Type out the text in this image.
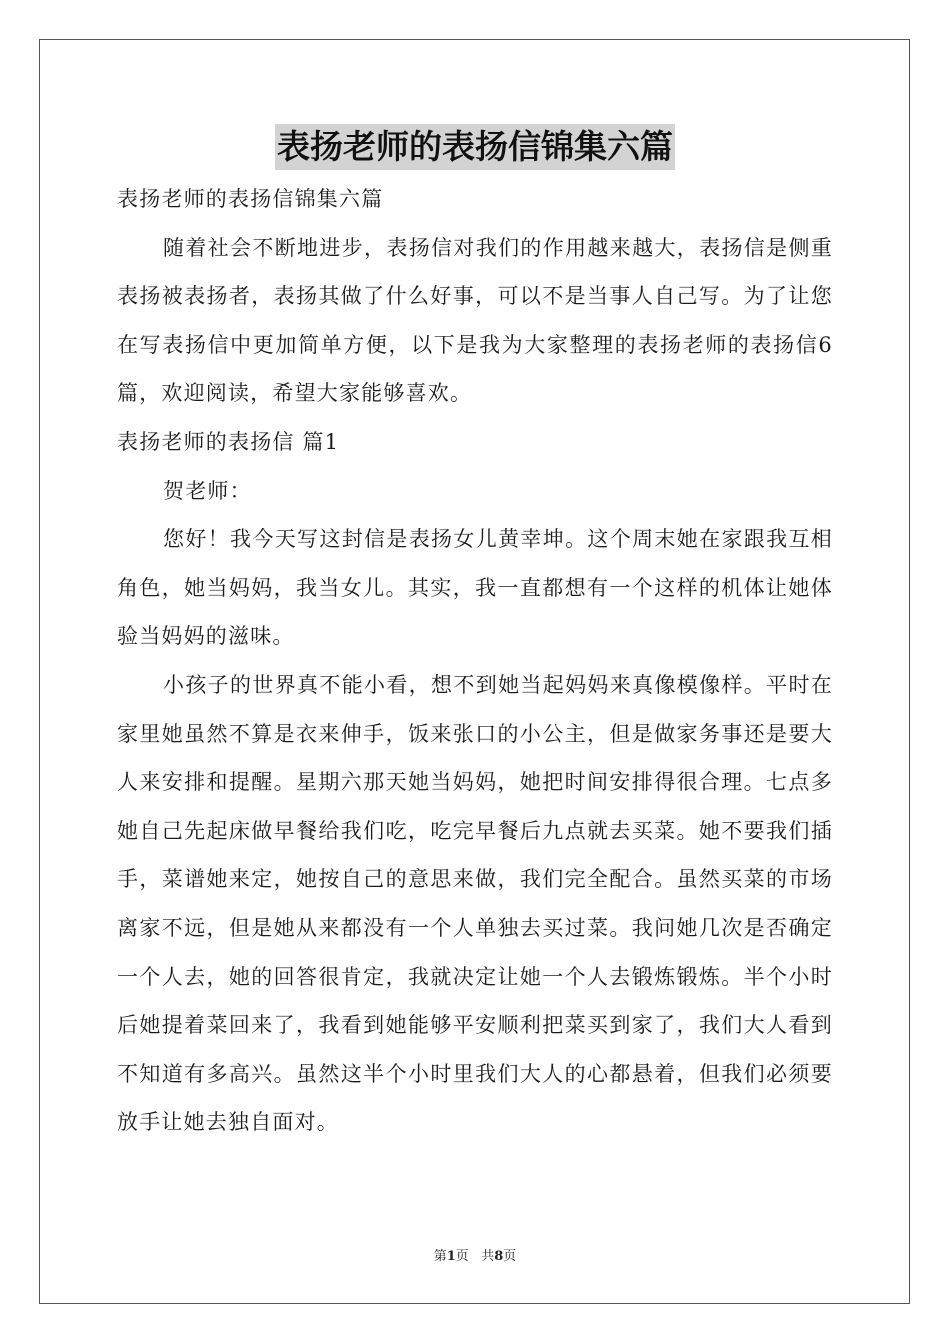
表扬老师的表扬信锦集六篇

表扬老师的表扬信锦集六篇

随着社会不断地进步，表扬信对我们的作用越来越大，表扬信是侧重表扬被表扬者，表扬其做了什么好事，可以不是当事人自己写。为了让您在写表扬信中更加简单方便，以下是我为大家整理的表扬老师的表扬信6篇，欢迎阅读，希望大家能够喜欢。

表扬老师的表扬信 篇1

贺老师：

您好！我今天写这封信是表扬女儿黄幸坤。这个周末她在家跟我互相角色，她当妈妈，我当女儿。其实，我一直都想有一个这样的机体让她体验当妈妈的滋味。

小孩子的世界真不能小看，想不到她当起妈妈来真像模像样。平时在家里她虽然不算是衣来伸手，饭来张口的小公主，但是做家务事还是要大人来安排和提醒。星期六那天她当妈妈，她把时间安排得很合理。七点多她自己先起床做早餐给我们吃，吃完早餐后九点就去买菜。她不要我们插手，菜谱她来定，她按自己的意思来做，我们完全配合。虽然买菜的市场离家不远，但是她从来都没有一个人单独去买过菜。我问她几次是否确定一个人去，她的回答很肯定，我就决定让她一个人去锻炼锻炼。半个小时后她提着菜回来了，我看到她能够平安顺利把菜买到家了，我们大人看到不知道有多高兴。虽然这半个小时里我们大人的心都悬着，但我们必须要放手让她去独自面对。

第1页 共8页
